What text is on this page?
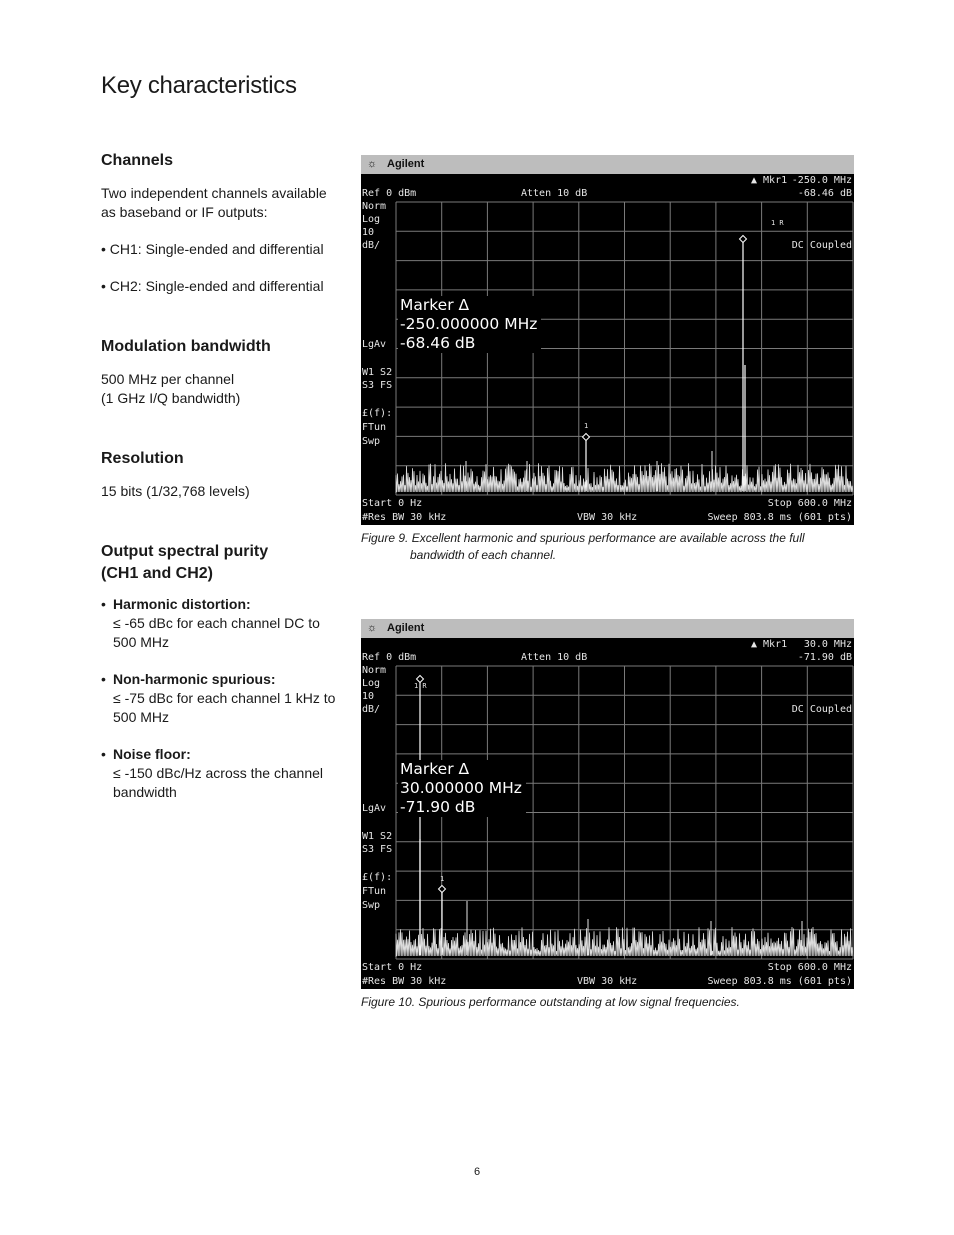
Key characteristics
Channels
Two independent channels available
as baseband or IF outputs:
• CH1: Single-ended and differential
• CH2: Single-ended and differential
Modulation bandwidth
500 MHz per channel
(1 GHz I/Q bandwidth)
Resolution
15 bits (1/32,768 levels)
Output spectral purity
(CH1 and CH2)
• Harmonic distortion:
≤ -65 dBc for each channel DC to
500 MHz
• Non-harmonic spurious:
≤ -75 dBc for each channel 1 kHz to
500 MHz
• Noise floor:
≤ -150 dBc/Hz across the channel
bandwidth
☼ Agilent
▲ Mkr1 -250.0 MHz
-68.46 dB
Ref 0 dBm	Atten 10 dB
Norm
Log
10
dB/	DC Coupled
LgAv
W1 S2
S3 FS
£(f):
FTun
Swp
1
1 R
Marker Δ
-250.000000 MHz
-68.46 dB
Start 0 Hz	Stop 600.0 MHz
#Res BW 30 kHz	VBW 30 kHz	Sweep 803.8 ms (601 pts)
Figure 9. Excellent harmonic and spurious performance are available across the full
bandwidth of each channel.
☼ Agilent
▲ Mkr1 30.0 MHz
-71.90 dB
Ref 0 dBm	Atten 10 dB
Norm
Log
10
dB/	DC Coupled
LgAv
W1 S2
S3 FS
£(f):
FTun
Swp
1
1 R
Marker Δ
30.000000 MHz
-71.90 dB
Start 0 Hz	Stop 600.0 MHz
#Res BW 30 kHz	VBW 30 kHz	Sweep 803.8 ms (601 pts)
Figure 10. Spurious performance outstanding at low signal frequencies.
6
